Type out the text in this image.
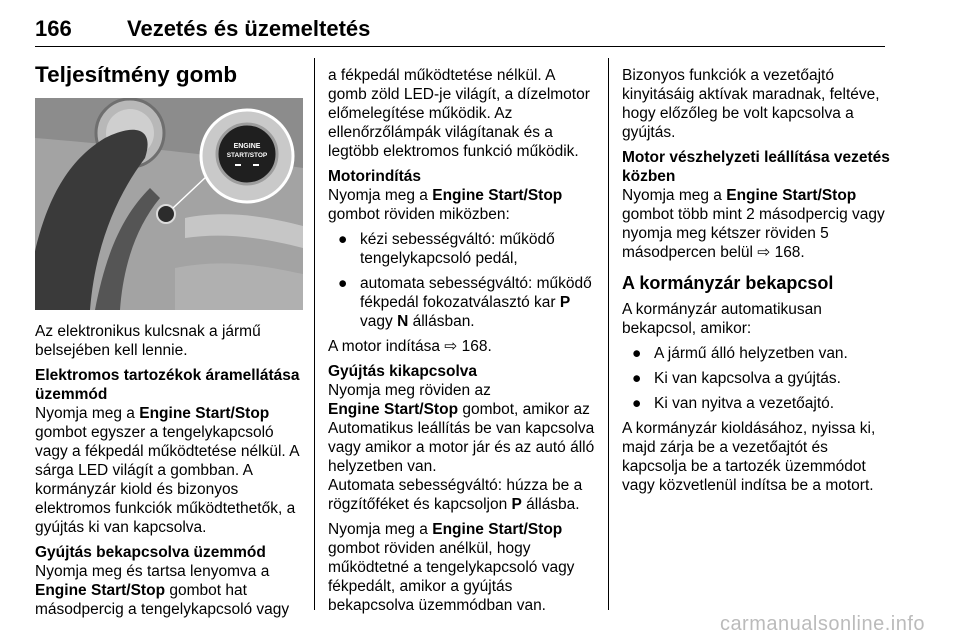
166	Vezetés és üzemeltetés
Teljesítmény gomb
ENGINE
START/STOP

Az elektronikus kulcsnak a jármű belsejében kell lennie.

Elektromos tartozékok áramellátása üzemmód

Nyomja meg a Engine Start/Stop gombot egyszer a tengelykapcsoló vagy a fékpedál működtetése nélkül. A sárga LED világít a gombban. A kormányzár kiold és bizonyos elektromos funkciók működtethetők, a gyújtás ki van kapcsolva.

Gyújtás bekapcsolva üzemmód

Nyomja meg és tartsa lenyomva a Engine Start/Stop gombot hat másodpercig a tengelykapcsoló vagy

a fékpedál működtetése nélkül. A gomb zöld LED-je világít, a dízelmotor előmelegítése működik. Az ellenőrzőlámpák világítanak és a legtöbb elektromos funkció működik.

Motorindítás

Nyomja meg a Engine Start/Stop gombot röviden miközben:

● kézi sebességváltó: működő tengelykapcsoló pedál,
● automata sebességváltó: működő fékpedál fokozatválasztó kar P vagy N állásban.

A motor indítása ⇨ 168.

Gyújtás kikapcsolva

Nyomja meg röviden az
Engine Start/Stop gombot, amikor az Automatikus leállítás be van kapcsolva vagy amikor a motor jár és az autó álló helyzetben van.

Automata sebességváltó: húzza be a rögzítőféket és kapcsoljon P állásba.

Nyomja meg a Engine Start/Stop gombot röviden anélkül, hogy működtetné a tengelykapcsoló vagy fékpedált, amikor a gyújtás bekapcsolva üzemmódban van.

Bizonyos funkciók a vezetőajtó kinyitásáig aktívak maradnak, feltéve, hogy előzőleg be volt kapcsolva a gyújtás.

Motor vészhelyzeti leállítása vezetés közben

Nyomja meg a Engine Start/Stop gombot több mint 2 másodpercig vagy nyomja meg kétszer röviden 5 másodpercen belül ⇨ 168.

A kormányzár bekapcsol

A kormányzár automatikusan bekapcsol, amikor:

● A jármű álló helyzetben van.
● Ki van kapcsolva a gyújtás.
● Ki van nyitva a vezetőajtó.

A kormányzár kioldásához, nyissa ki, majd zárja be a vezetőajtót és kapcsolja be a tartozék üzemmódot vagy közvetlenül indítsa be a motort.

carmanualsonline.info
